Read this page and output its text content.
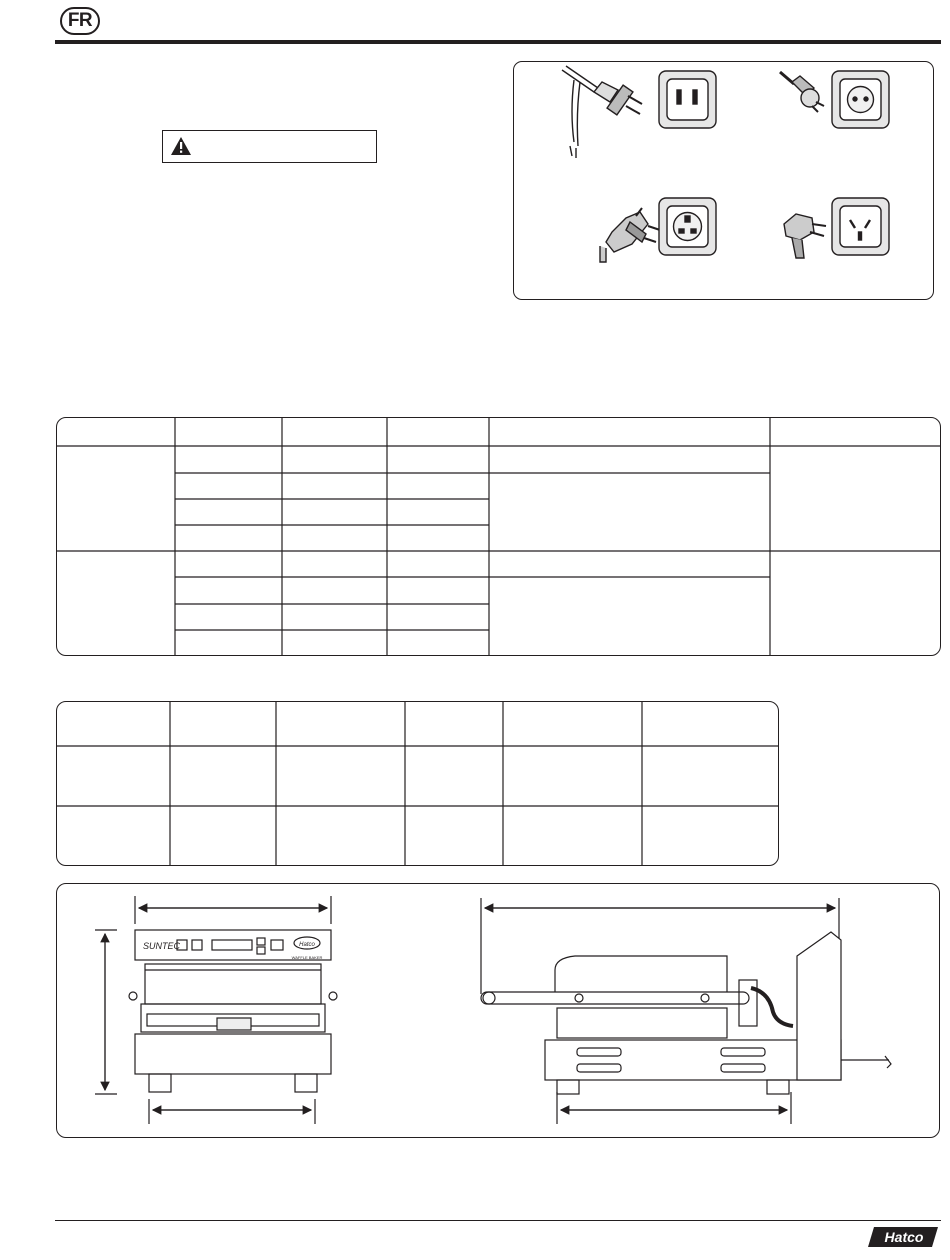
FR
SUNTEC	Hatco
WAFFLE BAKER
Hatco
